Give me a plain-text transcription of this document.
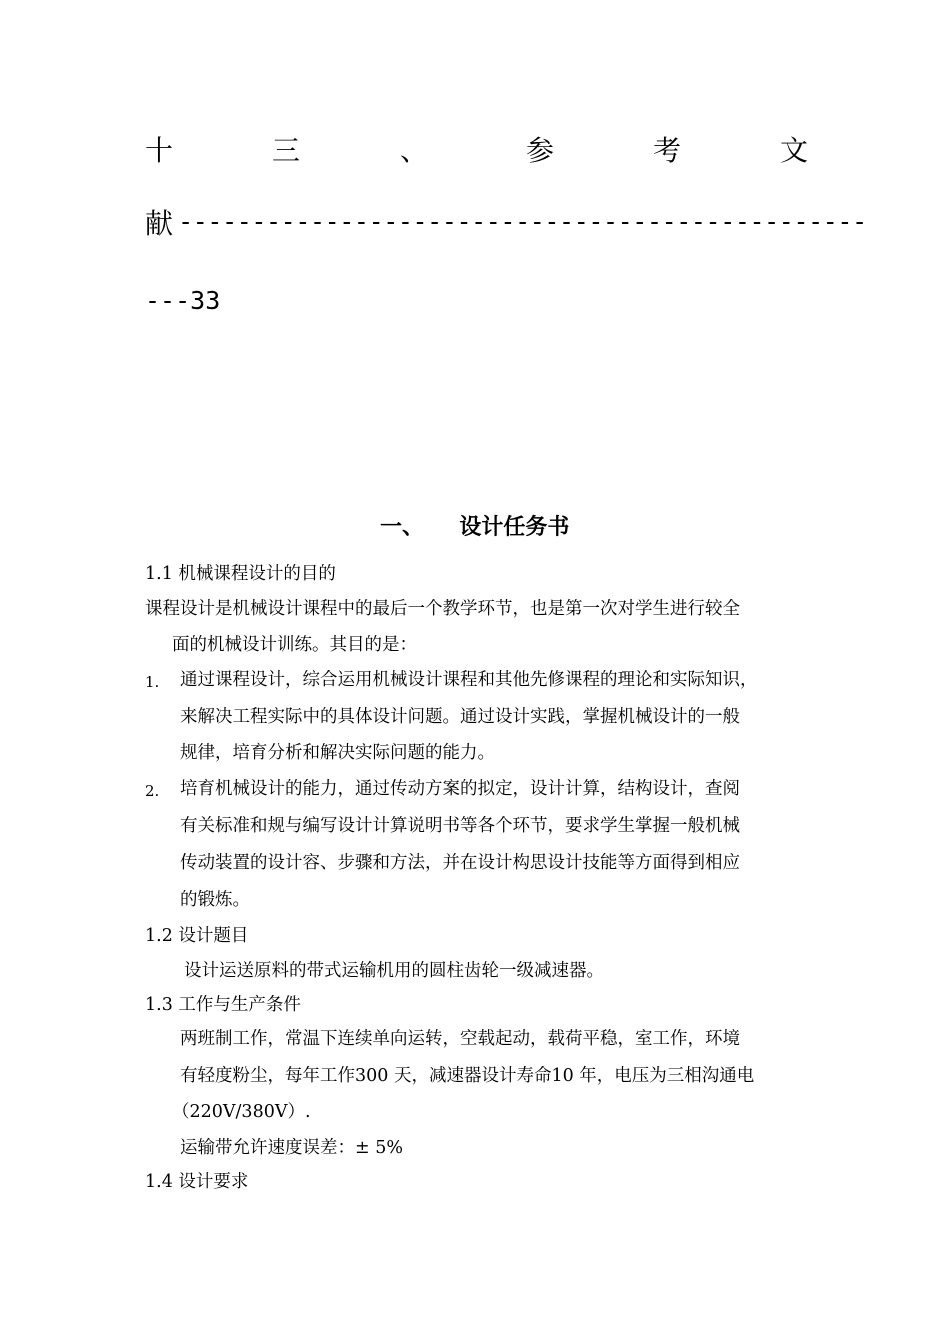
十	三	、	参	考	文
献 -----------------------------------------------
---33
一、 设计任务书
1.1 机械课程设计的目的
课程设计是机械设计课程中的最后一个教学环节，也是第一次对学生进行较全
面的机械设计训练。其目的是：
1. 通过课程设计，综合运用机械设计课程和其他先修课程的理论和实际知识，
来解决工程实际中的具体设计问题。通过设计实践，掌握机械设计的一般
规律，培育分析和解决实际问题的能力。
2. 培育机械设计的能力，通过传动方案的拟定，设计计算，结构设计，查阅
有关标准和规与编写设计计算说明书等各个环节，要求学生掌握一般机械
传动装置的设计容、步骤和方法，并在设计构思设计技能等方面得到相应
的锻炼。
1.2 设计题目
设计运送原料的带式运输机用的圆柱齿轮一级减速器。
1.3 工作与生产条件
两班制工作，常温下连续单向运转，空载起动，载荷平稳，室工作，环境
有轻度粉尘，每年工作300 天，减速器设计寿命10 年，电压为三相沟通电
（220V/380V）.
运输带允许速度误差：± 5%
1.4 设计要求
